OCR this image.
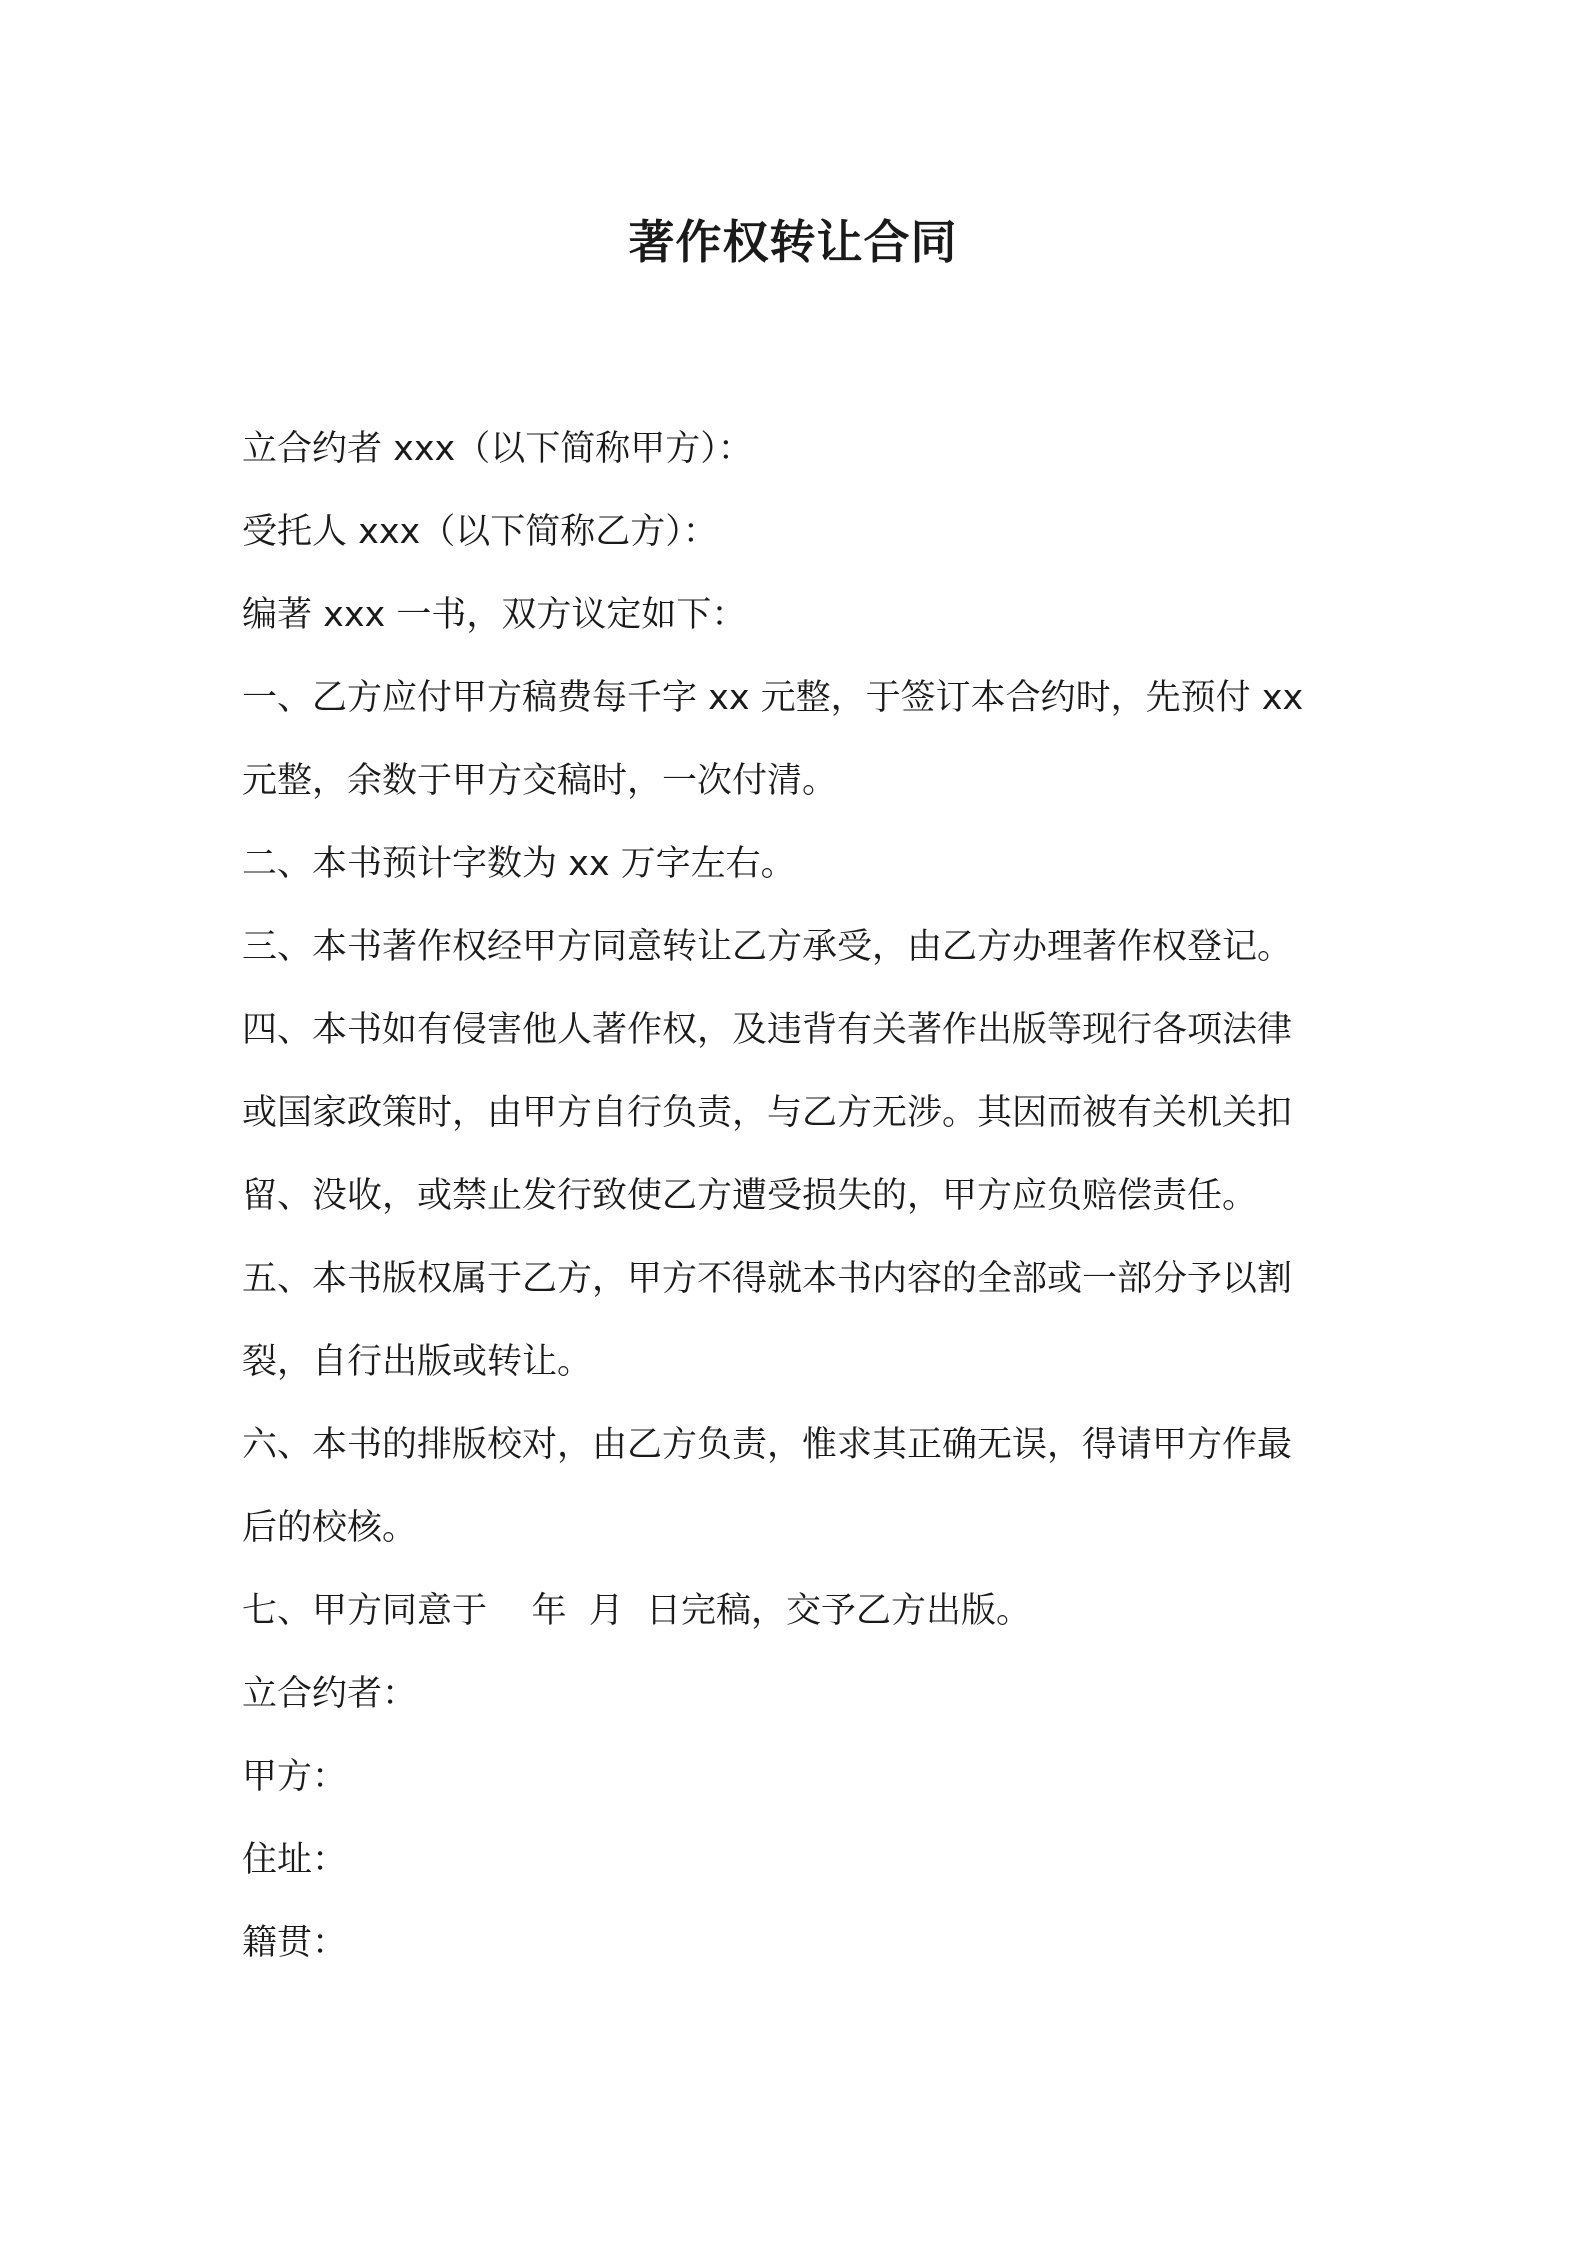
著作权转让合同
立合约者 xxx（以下简称甲方）：
受托人 xxx（以下简称乙方）：
编著 xxx 一书，双方议定如下：
一、乙方应付甲方稿费每千字 xx 元整，于签订本合约时，先预付 xx
元整，余数于甲方交稿时，一次付清。
二、本书预计字数为 xx 万字左右。
三、本书著作权经甲方同意转让乙方承受，由乙方办理著作权登记。
四、本书如有侵害他人著作权，及违背有关著作出版等现行各项法律
或国家政策时，由甲方自行负责，与乙方无涉。其因而被有关机关扣
留、没收，或禁止发行致使乙方遭受损失的，甲方应负赔偿责任。
五、本书版权属于乙方，甲方不得就本书内容的全部或一部分予以割
裂，自行出版或转让。
六、本书的排版校对，由乙方负责，惟求其正确无误，得请甲方作最
后的校核。
七、甲方同意于    年  月  日完稿，交予乙方出版。
立合约者：
甲方：
住址：
籍贯：
